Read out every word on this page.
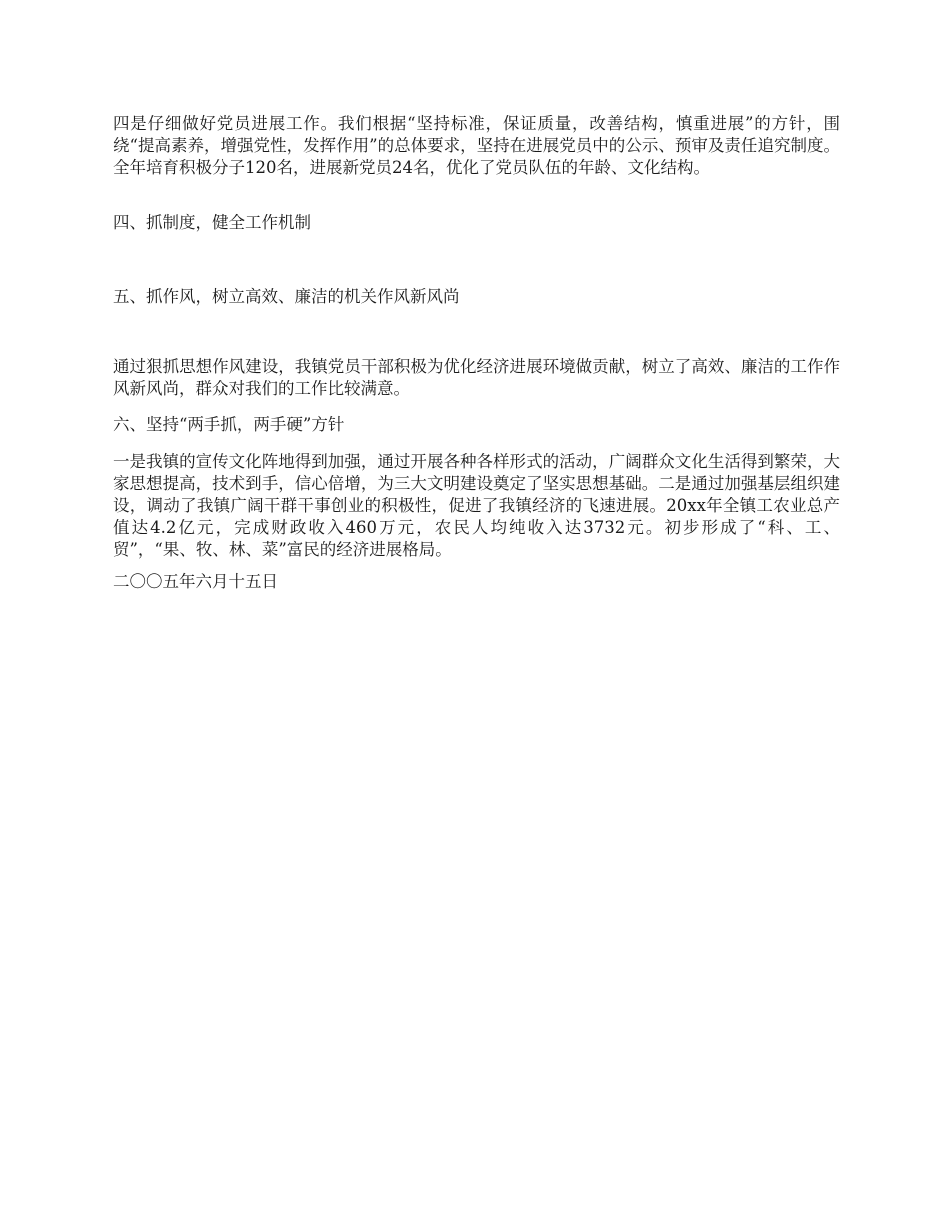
四是仔细做好党员进展工作。我们根据“坚持标准，保证质量，改善结构，慎重进展”的方针，围绕“提高素养，增强党性，发挥作用”的总体要求，坚持在进展党员中的公示、预审及责任追究制度。全年培育积极分子120名，进展新党员24名，优化了党员队伍的年龄、文化结构。

四、抓制度，健全工作机制

五、抓作风，树立高效、廉洁的机关作风新风尚

通过狠抓思想作风建设，我镇党员干部积极为优化经济进展环境做贡献，树立了高效、廉洁的工作作风新风尚，群众对我们的工作比较满意。

六、坚持“两手抓，两手硬”方针

一是我镇的宣传文化阵地得到加强，通过开展各种各样形式的活动，广阔群众文化生活得到繁荣，大家思想提高，技术到手，信心倍增，为三大文明建设奠定了坚实思想基础。二是通过加强基层组织建设，调动了我镇广阔干群干事创业的积极性，促进了我镇经济的飞速进展。20xx年全镇工农业总产值达4.2亿元，完成财政收入460万元，农民人均纯收入达3732元。初步形成了“科、工、贸”，“果、牧、林、菜”富民的经济进展格局。

二〇〇五年六月十五日
